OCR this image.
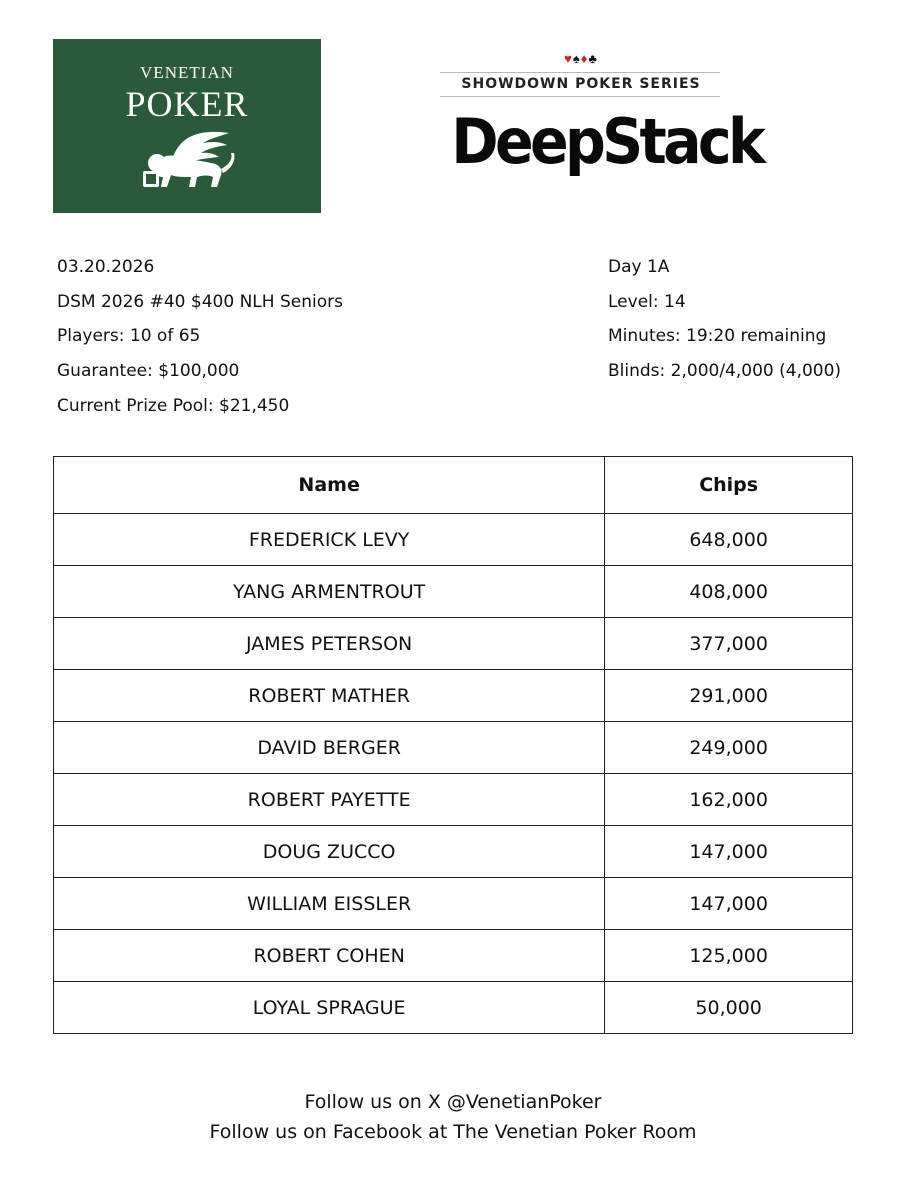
VENETIAN
POKER
♥♠♦♣
SHOWDOWN POKER SERIES
DeepStack
03.20.2026
DSM 2026 #40 $400 NLH Seniors
Players: 10 of 65
Guarantee: $100,000
Current Prize Pool: $21,450
Day 1A
Level: 14
Minutes: 19:20 remaining
Blinds: 2,000/4,000 (4,000)
Name	Chips
FREDERICK LEVY	648,000
YANG ARMENTROUT	408,000
JAMES PETERSON	377,000
ROBERT MATHER	291,000
DAVID BERGER	249,000
ROBERT PAYETTE	162,000
DOUG ZUCCO	147,000
WILLIAM EISSLER	147,000
ROBERT COHEN	125,000
LOYAL SPRAGUE	50,000
Follow us on X @VenetianPoker
Follow us on Facebook at The Venetian Poker Room
